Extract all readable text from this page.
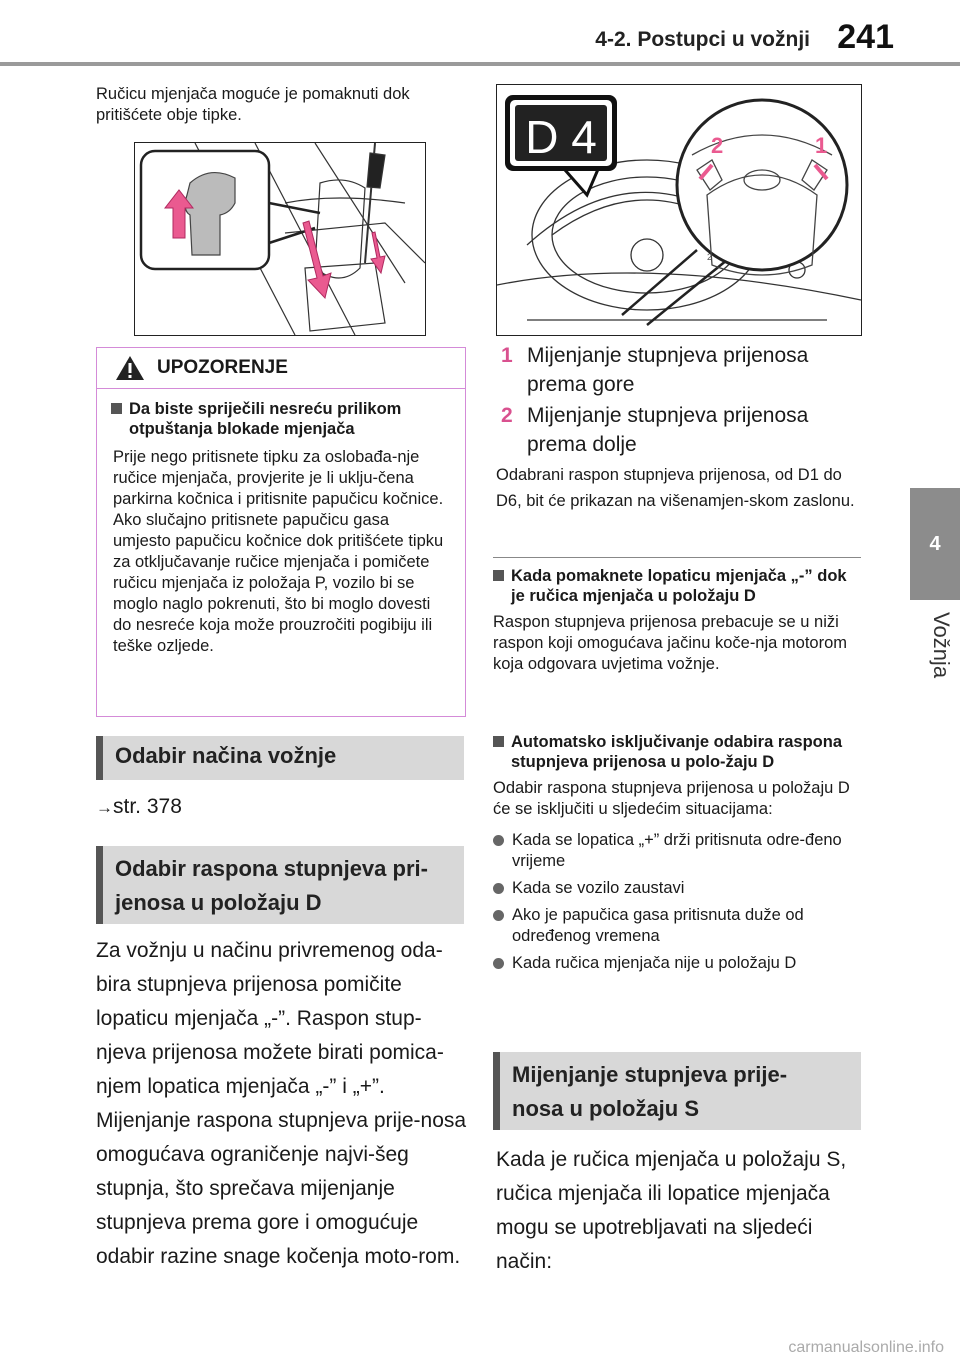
4-2. Postupci u vožnji 241
4
Vožnja
Ručicu mjenjača moguće je pomaknuti dok pritišćete obje tipke.
UPOZORENJE
Da biste spriječili nesreću prilikom otpuštanja blokade mjenjača
Prije nego pritisnete tipku za oslobađa-nje ručice mjenjača, provjerite je li uklju-čena parkirna kočnica i pritisnite papučicu kočnice.
Ako slučajno pritisnete papučicu gasa umjesto papučicu kočnice dok pritišćete tipku za otključavanje ručice mjenjača i pomičete ručicu mjenjača iz položaja P, vozilo bi se moglo naglo pokrenuti, što bi moglo dovesti do nesreće koja može prouzročiti pogibiju ili teške ozljede.
Odabir načina vožnje
→str. 378
Odabir raspona stupnjeva pri-
jenosa u položaju D
Za vožnju u načinu privremenog oda-bira stupnjeva prijenosa pomičite lopaticu mjenjača „-”. Raspon stup-njeva prijenosa možete birati pomica-njem lopatica mjenjača „-” i „+”. Mijenjanje raspona stupnjeva prije-nosa omogućava ograničenje najvi-šeg stupnja, što sprečava mijenjanje stupnjeva prema gore i omogućuje odabir razine snage kočenja moto-rom.
2
D 4	2	1
1 Mijenjanje stupnjeva prijenosa prema gore
2 Mijenjanje stupnjeva prijenosa prema dolje
Odabrani raspon stupnjeva prijenosa, od D1 do D6, bit će prikazan na višenamjen-skom zaslonu.
Kada pomaknete lopaticu mjenjača „-” dok je ručica mjenjača u položaju D
Raspon stupnjeva prijenosa prebacuje se u niži raspon koji omogućava jačinu koče-nja motorom koja odgovara uvjetima vožnje.
Automatsko isključivanje odabira raspona stupnjeva prijenosa u polo-žaju D
Odabir raspona stupnjeva prijenosa u položaju D će se isključiti u sljedećim situacijama:
Kada se lopatica „+” drži pritisnuta odre-đeno vrijeme
Kada se vozilo zaustavi
Ako je papučica gasa pritisnuta duže od određenog vremena
Kada ručica mjenjača nije u položaju D
Mijenjanje stupnjeva prije-
nosa u položaju S
Kada je ručica mjenjača u položaju S, ručica mjenjača ili lopatice mjenjača mogu se upotrebljavati na sljedeći način:
carmanualsonline.info
